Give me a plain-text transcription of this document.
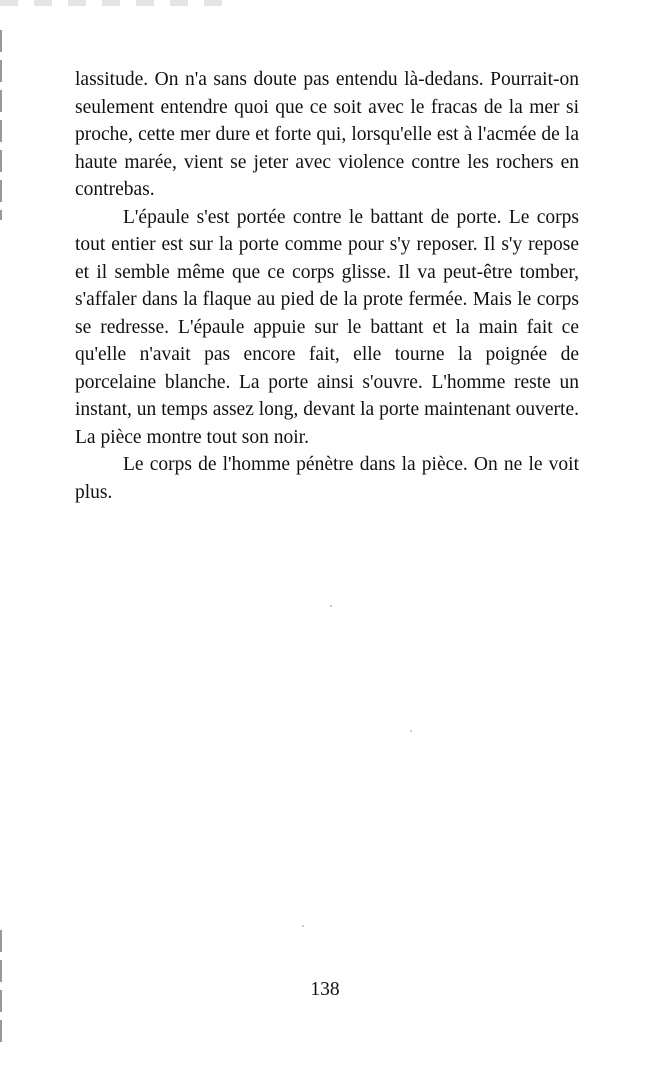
lassitude. On n'a sans doute pas entendu là-dedans. Pourrait-on seulement entendre quoi que ce soit avec le fracas de la mer si proche, cette mer dure et forte qui, lorsqu'elle est à l'acmée de la haute marée, vient se jeter avec violence contre les rochers en contrebas.

L'épaule s'est portée contre le battant de porte. Le corps tout entier est sur la porte comme pour s'y reposer. Il s'y repose et il semble même que ce corps glisse. Il va peut-être tomber, s'affaler dans la flaque au pied de la prote fermée. Mais le corps se redresse. L'épaule appuie sur le battant et la main fait ce qu'elle n'avait pas encore fait, elle tourne la poignée de porcelaine blanche. La porte ainsi s'ouvre. L'homme reste un instant, un temps assez long, devant la porte maintenant ouverte. La pièce montre tout son noir.

Le corps de l'homme pénètre dans la pièce. On ne le voit plus.

138
